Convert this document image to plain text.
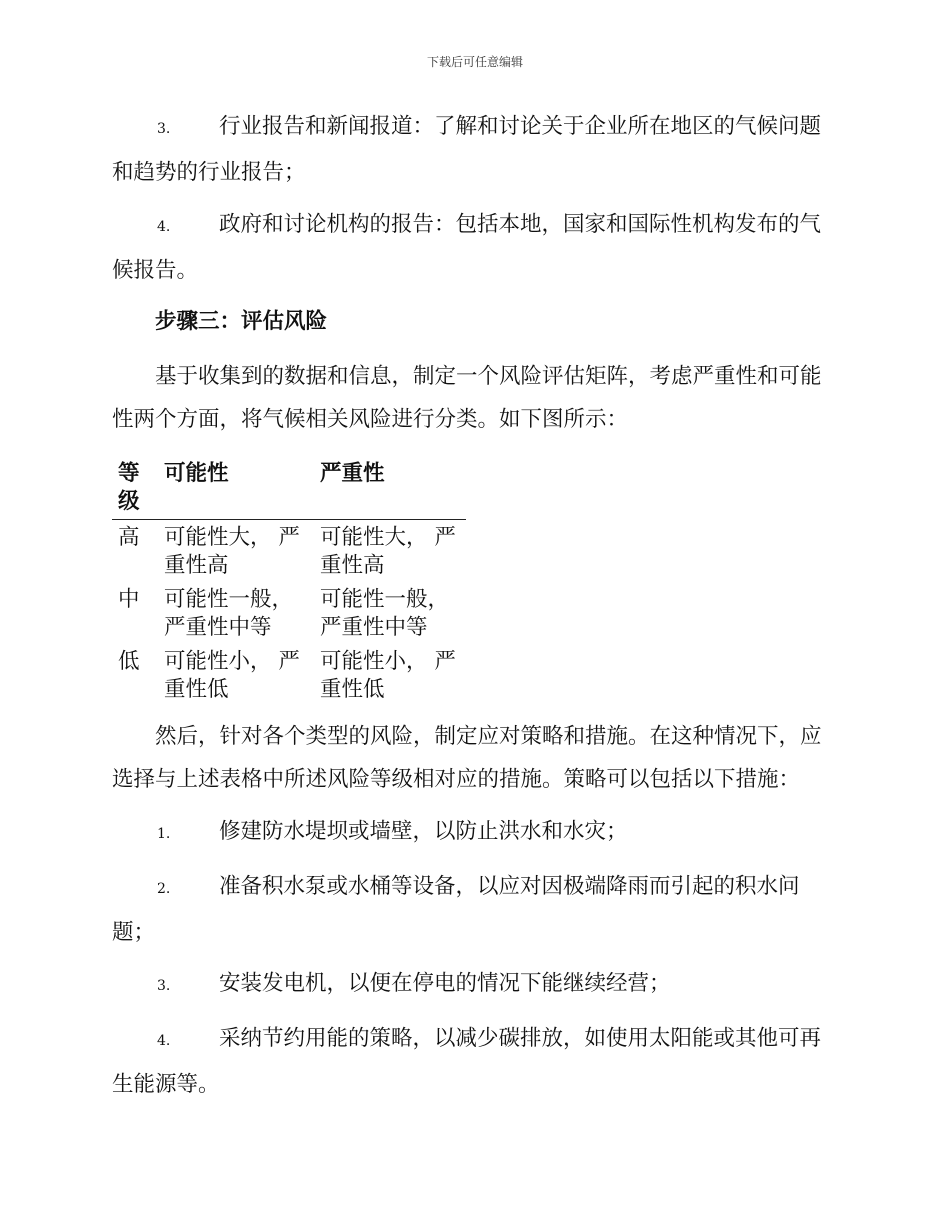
下载后可任意编辑

3. 行业报告和新闻报道：了解和讨论关于企业所在地区的气候问题和趋势的行业报告；

4. 政府和讨论机构的报告：包括本地，国家和国际性机构发布的气候报告。

步骤三：评估风险

基于收集到的数据和信息，制定一个风险评估矩阵，考虑严重性和可能性两个方面，将气候相关风险进行分类。如下图所示：

等级	可能性	严重性
高	可能性大， 严重性高	可能性大， 严重性高
中	可能性一般， 严重性中等	可能性一般， 严重性中等
低	可能性小， 严重性低	可能性小， 严重性低

然后，针对各个类型的风险，制定应对策略和措施。在这种情况下，应选择与上述表格中所述风险等级相对应的措施。策略可以包括以下措施：

1. 修建防水堤坝或墙壁，以防止洪水和水灾；

2. 准备积水泵或水桶等设备，以应对因极端降雨而引起的积水问题；

3. 安装发电机，以便在停电的情况下能继续经营；

4. 采纳节约用能的策略，以减少碳排放，如使用太阳能或其他可再生能源等。
